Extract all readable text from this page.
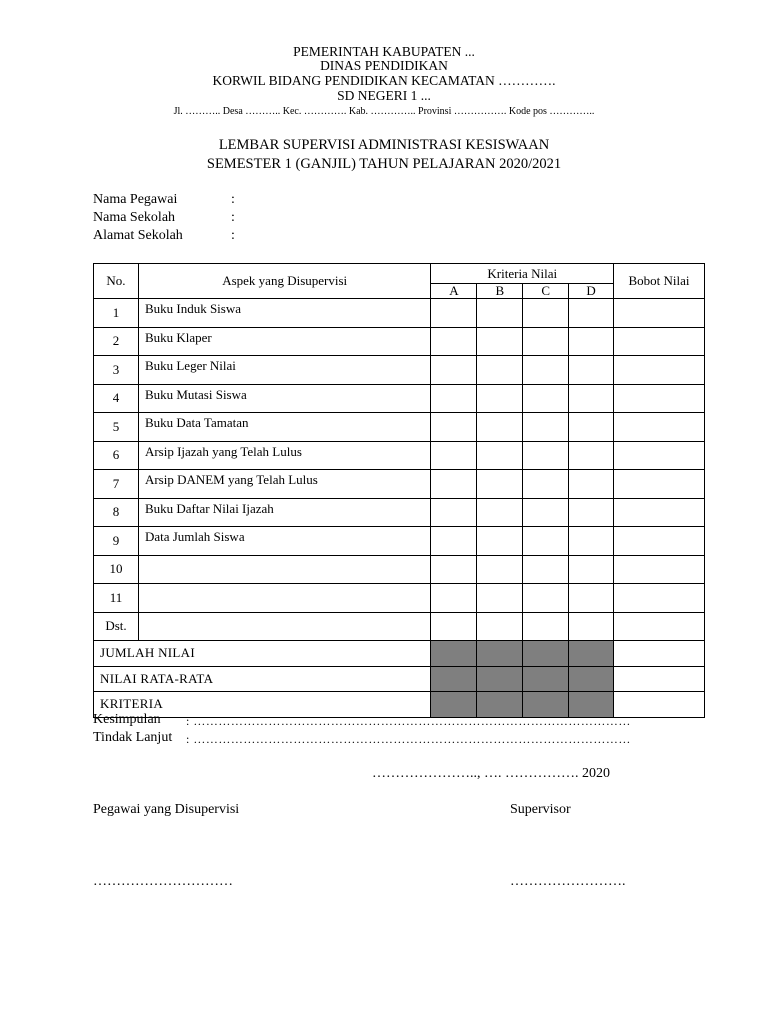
PEMERINTAH KABUPATEN ...
DINAS PENDIDIKAN
KORWIL BIDANG PENDIDIKAN KECAMATAN ………….
SD NEGERI 1 ...
Jl. ……….. Desa ……….. Kec. …………. Kab. ………….. Provinsi ……………. Kode pos …………..
LEMBAR SUPERVISI ADMINISTRASI KESISWAAN
SEMESTER 1 (GANJIL) TAHUN PELAJARAN 2020/2021
Nama Pegawai	:
Nama Sekolah	:
Alamat Sekolah	:
No.	Aspek yang Disupervisi	Kriteria Nilai				Bobot Nilai
		A	B	C	D	
1	Buku Induk Siswa					
2	Buku Klaper					
3	Buku Leger Nilai					
4	Buku Mutasi Siswa					
5	Buku Data Tamatan					
6	Arsip Ijazah yang Telah Lulus					
7	Arsip DANEM yang Telah Lulus					
8	Buku Daftar Nilai Ijazah					
9	Data Jumlah Siswa					
10						
11						
Dst.						
JUMLAH NILAI						
NILAI RATA-RATA						
KRITERIA						
Kesimpulan : ……………………………………………………………………………………………
Tindak Lanjut : ……………………………………………………………………………………………
………………….., …. ……………. 2020
Pegawai yang Disupervisi	Supervisor
…………………………	…………………….
